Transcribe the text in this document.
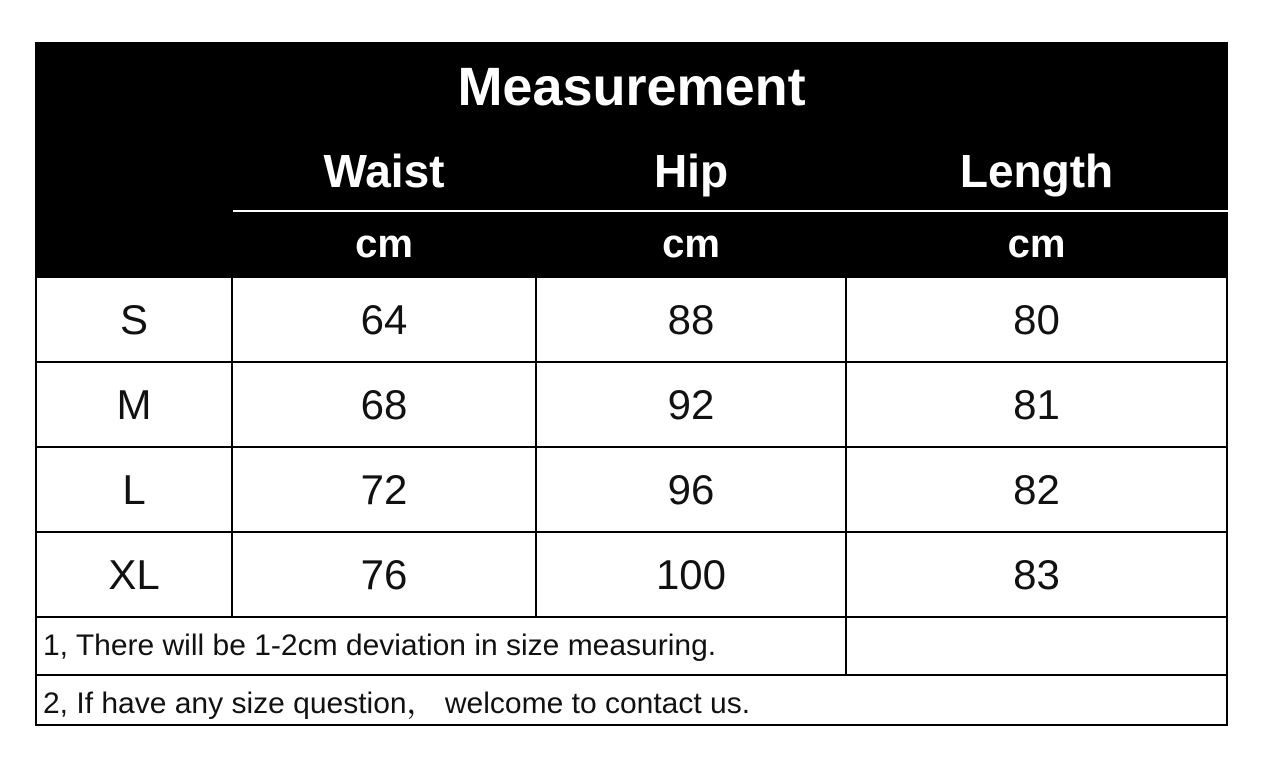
Measurement			
	Waist	Hip	Length
	cm	cm	cm
S	64	88	80
M	68	92	81
L	72	96	82
XL	76	100	83
1, There will be 1-2cm deviation in size measuring.			
2, If have any size question， welcome to contact us.			
